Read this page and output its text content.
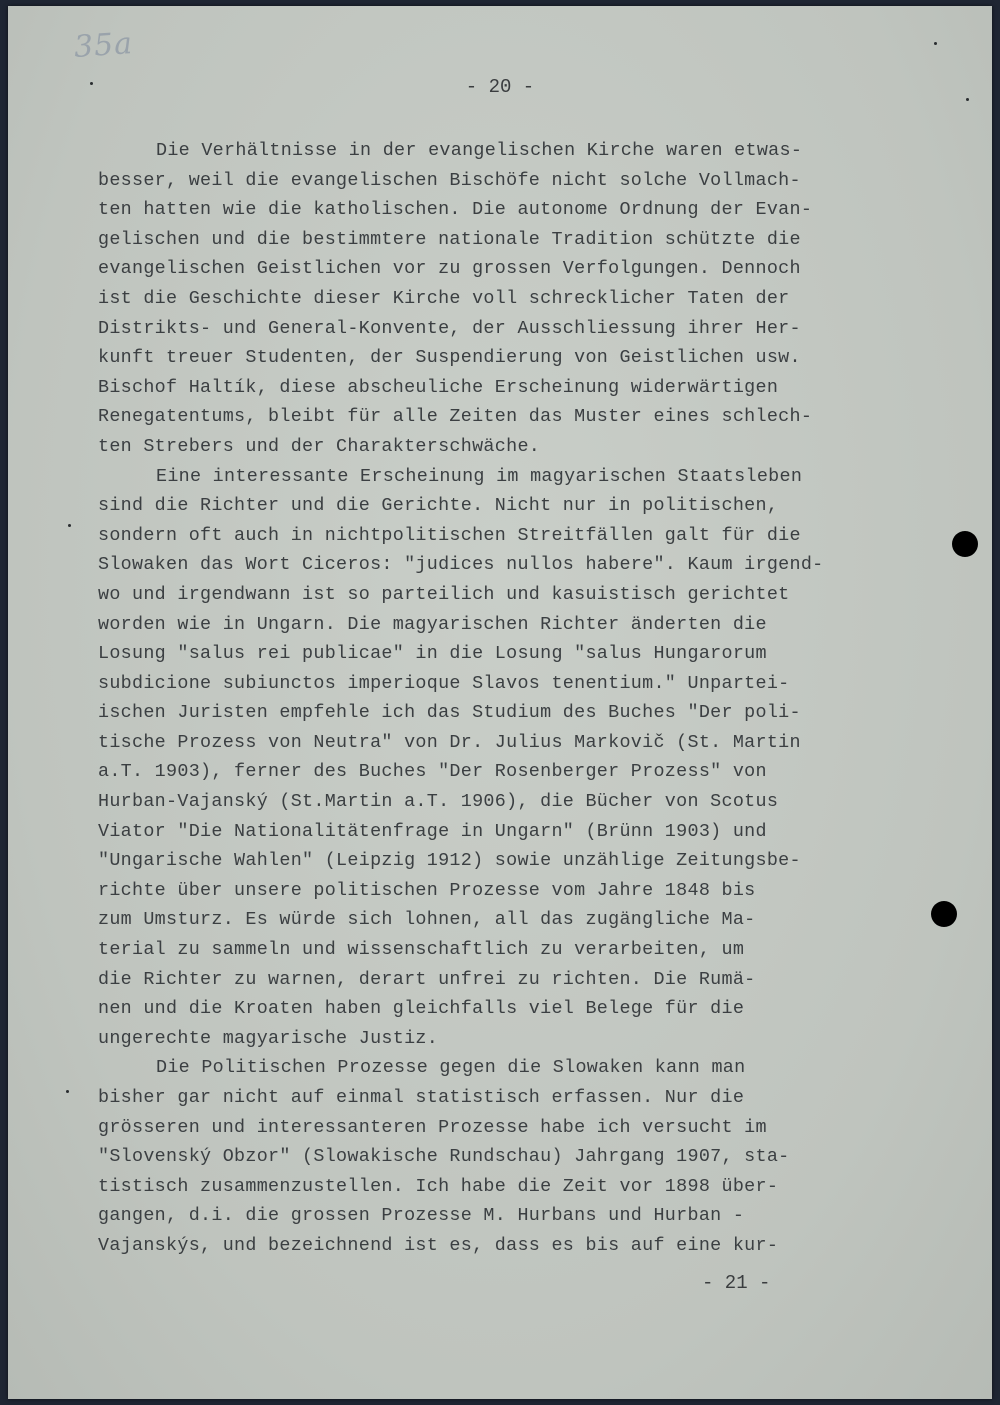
35a
- 20 -
Die Verhältnisse in der evangelischen Kirche waren etwas-
besser, weil die evangelischen Bischöfe nicht solche Vollmach-
ten hatten wie die katholischen. Die autonome Ordnung der Evan-
gelischen und die bestimmtere nationale Tradition schützte die
evangelischen Geistlichen vor zu grossen Verfolgungen. Dennoch
ist die Geschichte dieser Kirche voll schrecklicher Taten der
Distrikts- und General-Konvente, der Ausschliessung ihrer Her-
kunft treuer Studenten, der Suspendierung von Geistlichen usw.
Bischof Haltík, diese abscheuliche Erscheinung widerwärtigen
Renegatentums, bleibt für alle Zeiten das Muster eines schlech-
ten Strebers und der Charakterschwäche.
Eine interessante Erscheinung im magyarischen Staatsleben
sind die Richter und die Gerichte. Nicht nur in politischen,
sondern oft auch in nichtpolitischen Streitfällen galt für die
Slowaken das Wort Ciceros: "judices nullos habere". Kaum irgend-
wo und irgendwann ist so parteilich und kasuistisch gerichtet
worden wie in Ungarn. Die magyarischen Richter änderten die
Losung "salus rei publicae" in die Losung "salus Hungarorum
subdicione subiunctos imperioque Slavos tenentium." Unpartei-
ischen Juristen empfehle ich das Studium des Buches "Der poli-
tische Prozess von Neutra" von Dr. Julius Markovič (St. Martin
a.T. 1903), ferner des Buches "Der Rosenberger Prozess" von
Hurban-Vajanský (St.Martin a.T. 1906), die Bücher von Scotus
Viator "Die Nationalitätenfrage in Ungarn" (Brünn 1903) und
"Ungarische Wahlen" (Leipzig 1912) sowie unzählige Zeitungsbe-
richte über unsere politischen Prozesse vom Jahre 1848 bis
zum Umsturz. Es würde sich lohnen, all das zugängliche Ma-
terial zu sammeln und wissenschaftlich zu verarbeiten, um
die Richter zu warnen, derart unfrei zu richten. Die Rumä-
nen und die Kroaten haben gleichfalls viel Belege für die
ungerechte magyarische Justiz.
Die Politischen Prozesse gegen die Slowaken kann man
bisher gar nicht auf einmal statistisch erfassen. Nur die
grösseren und interessanteren Prozesse habe ich versucht im
"Slovenský Obzor" (Slowakische Rundschau) Jahrgang 1907, sta-
tistisch zusammenzustellen. Ich habe die Zeit vor 1898 über-
gangen, d.i. die grossen Prozesse M. Hurbans und Hurban -
Vajanskýs, und bezeichnend ist es, dass es bis auf eine kur-
- 21 -
